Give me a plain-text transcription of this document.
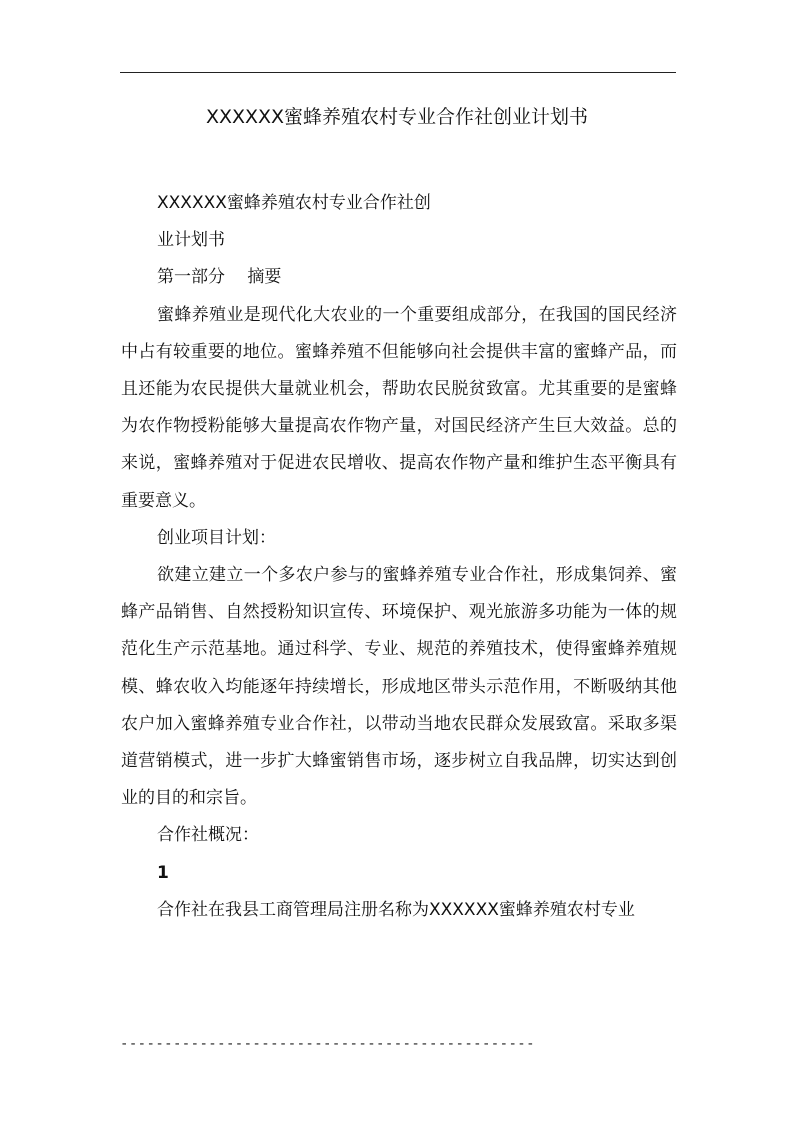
XXXXXX蜜蜂养殖农村专业合作社创业计划书

XXXXXX蜜蜂养殖农村专业合作社创

业计划书

第一部分　 摘要

蜜蜂养殖业是现代化大农业的一个重要组成部分，在我国的国民经济中占有较重要的地位。蜜蜂养殖不但能够向社会提供丰富的蜜蜂产品，而且还能为农民提供大量就业机会，帮助农民脱贫致富。尤其重要的是蜜蜂为农作物授粉能够大量提高农作物产量，对国民经济产生巨大效益。总的来说，蜜蜂养殖对于促进农民增收、提高农作物产量和维护生态平衡具有重要意义。

创业项目计划：

欲建立建立一个多农户参与的蜜蜂养殖专业合作社，形成集饲养、蜜蜂产品销售、自然授粉知识宣传、环境保护、观光旅游多功能为一体的规范化生产示范基地。通过科学、专业、规范的养殖技术，使得蜜蜂养殖规模、蜂农收入均能逐年持续增长，形成地区带头示范作用，不断吸纳其他农户加入蜜蜂养殖专业合作社，以带动当地农民群众发展致富。采取多渠道营销模式，进一步扩大蜂蜜销售市场，逐步树立自我品牌，切实达到创业的目的和宗旨。

合作社概况：

1

合作社在我县工商管理局注册名称为XXXXXX蜜蜂养殖农村专业

-----------------------------------------------
